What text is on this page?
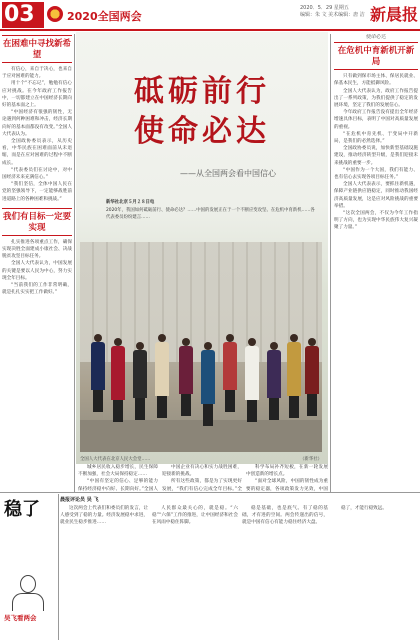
03	2020全国两会
2020．5．29 星期五
编辑：朱 文 美术编辑：唐 洁 新晨报
在困难中寻找新希望

有信心，来自于决心，也来自于应对困难的能力。

用十个“不忘记”，勉勉有信心应对挑战。在今年政府工作报告中，一切都建立在中国经济长期向好的基本面之上。

“中国经济有很强的韧性，无论遇到何种困难和冲击，经济长期向好的基本面都没有改变。”全国人大代表认为。

全国政协委员表示，从历史看，中华民族在困难面前从未退缩，而是在应对困难的过程中不断成长。

“代表委员们在讨论中，对中国经济未来充满信心。”

“我们坚信，全体中国人民在党的坚强领导下，一定能够战胜前进道路上的各种困难和挑战。”

我们有目标一定要实现

扎实推进各项重点工作，确保实现决胜全面建成小康社会、决战脱贫攻坚目标任务。

全国人大代表认为，中国发展的关键是要以人民为中心，努力实现全年目标。

“当前我们的工作非常明确，就是扎扎实实把工作做好。”

砥砺前行
使命必达
——从全国两会看中国信心
新华社北京５月２８日电
2020年，我国如何砥砺前行、使命必达？……中国的发展正在于一个不断应变攻坚、在危机中育新机……各代表委员纷纷建言……
全国人大代表在北京人民大会堂……	（新华社）
使命必达
在危机中育新机开新局

只有做到保市场主体、保居民就业、保基本民生，方能抵御风险。

全国人大代表认为，政府工作报告提出了一系列政策，为我们提供了稳定的发展环境，坚定了我们的发展信心。

今年政府工作报告没有提出全年经济增速具体目标，表明了中国对高质量发展的重视。

“在危机中育先机、于变局中开新局，是我们的必然选择。”

全国政协委员说，加快新型基础设施建设，推动经济转型升级，是我们迎接未来挑战的重要一步。

“中国作为一个大国，我们有能力、也有信心去实现各项目标任务。”

全国人大代表表示，要抓住新机遇，保障产业链供应链稳定，同时推动我国经济高质量发展，这是应对风险挑战的重要举措。

“这次全国两会，不仅为今年工作指明了方向，也为实现中华民族伟大复兴凝聚了力量。”

城乡居民收入稳步增长，民生保障不断加强，社会大局保持稳定……

“中国有坚定的信心、足够的能力保持经济稳中向好、长期向好。”全国人

中国企业有决心和实力战胜困难，迎接新的挑战。

所有这些政策，都是为了实现更好发展，“我们有信心完成全年目标。”全

科学布局补齐短板，在新一轮发展中创造新的增长点。

“面对全球风险，中国的韧性成为重要的稳定器，各项政策发力见效，中国

稳了
吴飞看两会
晨报评论员 吴 飞

这次两会上代表们和委员们的发言，让人感受到了稳的力量。经济发展稳中求进，就业民生稳步推进……

人民群众最关心的，就是稳。“六稳”“六保”工作的推进，让中国经济和社会在风雨中稳住阵脚。

稳是基础，也是底气。有了稳的基础，才有进的空间。两会传递出的信号，就是中国有信心有能力稳住经济大盘。

稳了，才能行稳致远。
